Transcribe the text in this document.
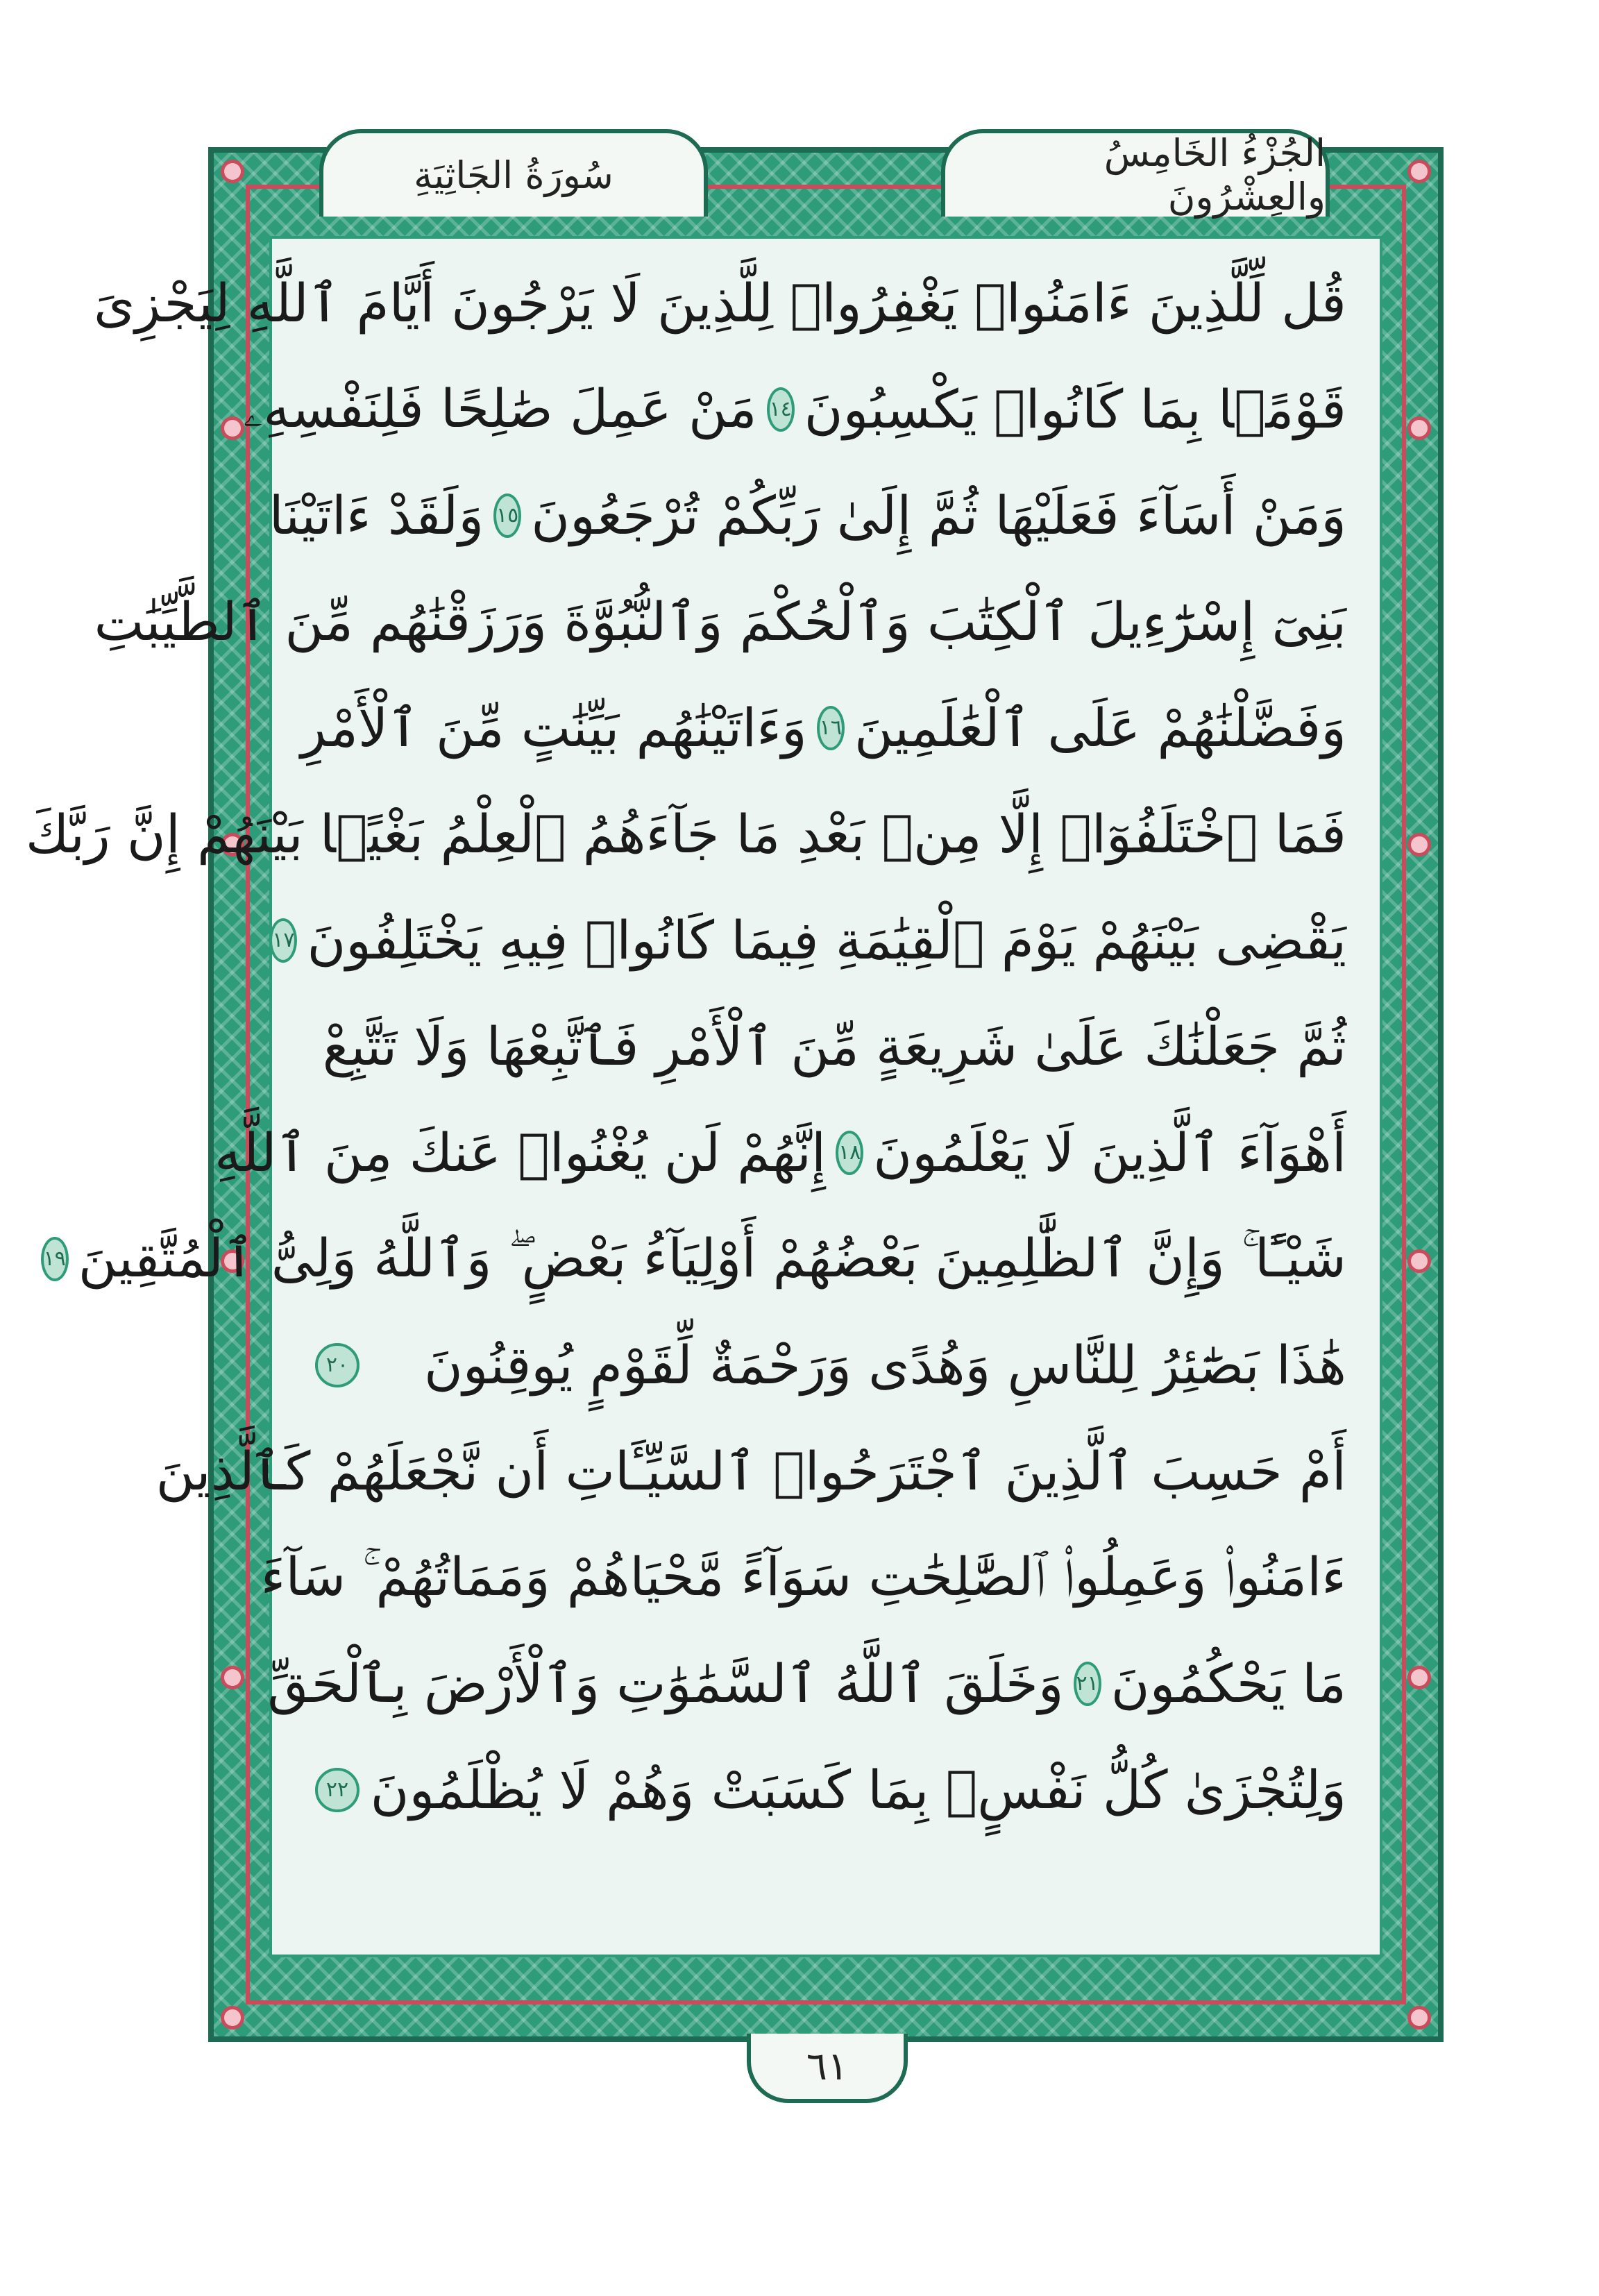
سُورَةُ الجَاثِيَةِ	الجُزْءُ الخَامِسُ والعِشْرُونَ
قُل لِّلَّذِينَ ءَامَنُوا۟ يَغْفِرُوا۟ لِلَّذِينَ لَا يَرْجُونَ أَيَّامَ ٱللَّهِ لِيَجْزِىَ
قَوْمًۢا بِمَا كَانُوا۟ يَكْسِبُونَ
١٤
مَنْ عَمِلَ صَٰلِحًا فَلِنَفْسِهِۦ
وَمَنْ أَسَآءَ فَعَلَيْهَا ثُمَّ إِلَىٰ رَبِّكُمْ تُرْجَعُونَ
١٥
وَلَقَدْ ءَاتَيْنَا
بَنِىٓ إِسْرَٰٓءِيلَ ٱلْكِتَٰبَ وَٱلْحُكْمَ وَٱلنُّبُوَّةَ وَرَزَقْنَٰهُم مِّنَ ٱلطَّيِّبَٰتِ
وَفَضَّلْنَٰهُمْ عَلَى ٱلْعَٰلَمِينَ
١٦
وَءَاتَيْنَٰهُم بَيِّنَٰتٍ مِّنَ ٱلْأَمْرِ
فَمَا ٱخْتَلَفُوٓا۟ إِلَّا مِنۢ بَعْدِ مَا جَآءَهُمُ ٱلْعِلْمُ بَغْيًۢا بَيْنَهُمْ إِنَّ رَبَّكَ
يَقْضِى بَيْنَهُمْ يَوْمَ ٱلْقِيَٰمَةِ فِيمَا كَانُوا۟ فِيهِ يَخْتَلِفُونَ
١٧
ثُمَّ جَعَلْنَٰكَ عَلَىٰ شَرِيعَةٍ مِّنَ ٱلْأَمْرِ فَٱتَّبِعْهَا وَلَا تَتَّبِعْ
أَهْوَآءَ ٱلَّذِينَ لَا يَعْلَمُونَ
١٨
إِنَّهُمْ لَن يُغْنُوا۟ عَنكَ مِنَ ٱللَّهِ
شَيْـًٔا ۚ وَإِنَّ ٱلظَّٰلِمِينَ بَعْضُهُمْ أَوْلِيَآءُ بَعْضٍ ۖ وَٱللَّهُ وَلِىُّ ٱلْمُتَّقِينَ
١٩
هَٰذَا بَصَٰٓئِرُ لِلنَّاسِ وَهُدًى وَرَحْمَةٌ لِّقَوْمٍ يُوقِنُونَ
٢٠
أَمْ حَسِبَ ٱلَّذِينَ ٱجْتَرَحُوا۟ ٱلسَّيِّـَٔاتِ أَن نَّجْعَلَهُمْ كَٱلَّذِينَ
ءَامَنُوا۟ وَعَمِلُوا۟ ٱلصَّٰلِحَٰتِ سَوَآءً مَّحْيَاهُمْ وَمَمَاتُهُمْ ۚ سَآءَ
مَا يَحْكُمُونَ
٢١
وَخَلَقَ ٱللَّهُ ٱلسَّمَٰوَٰتِ وَٱلْأَرْضَ بِٱلْحَقِّ
وَلِتُجْزَىٰ كُلُّ نَفْسٍۭ بِمَا كَسَبَتْ وَهُمْ لَا يُظْلَمُونَ
٢٢
٦١
